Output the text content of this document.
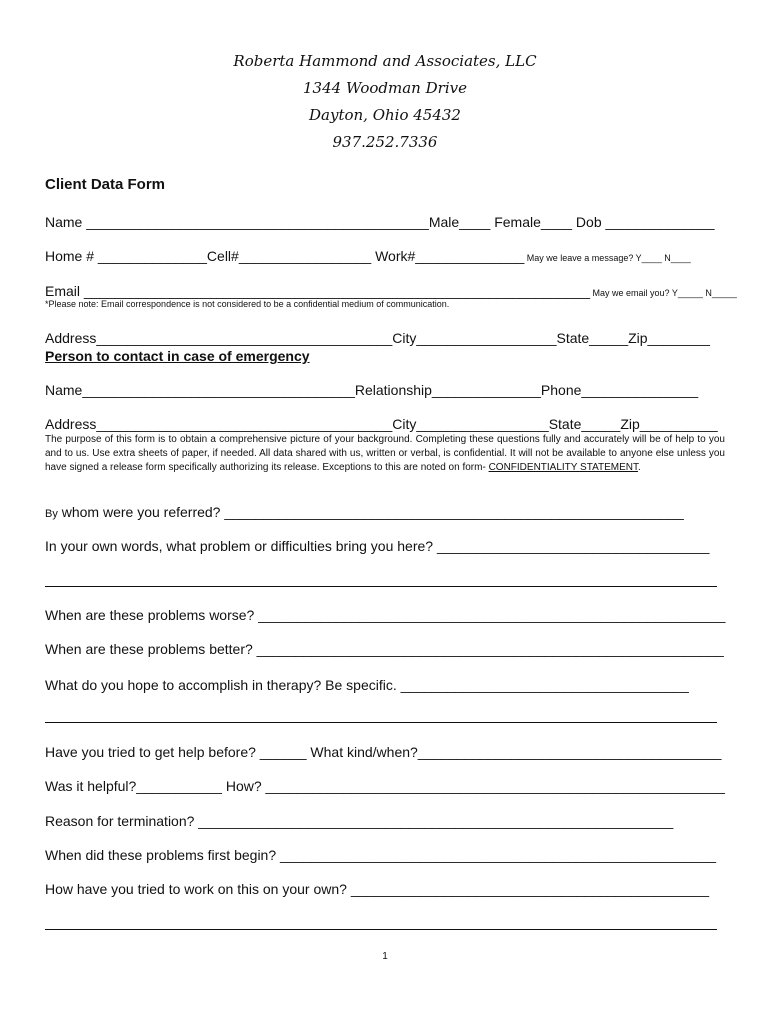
Roberta Hammond and Associates, LLC
1344 Woodman Drive
Dayton, Ohio 45432
937.252.7336
Client Data Form
Name ____________________________________________Male____ Female____ Dob ______________
Home # ______________Cell#_________________ Work#______________ May we leave a message? Y____ N____
Email _________________________________________________________________ May we email you? Y_____ N_____
*Please note: Email correspondence is not considered to be a confidential medium of communication.
Address______________________________________City__________________State_____Zip________
Person to contact in case of emergency
Name___________________________________Relationship______________Phone_______________
Address______________________________________City_________________State_____Zip__________
The purpose of this form is to obtain a comprehensive picture of your background. Completing these questions fully and accurately will be of help to you and to us. Use extra sheets of paper, if needed. All data shared with us, written or verbal, is confidential. It will not be available to anyone else unless you have signed a release form specifically authorizing its release. Exceptions to this are noted on form- CONFIDENTIALITY STATEMENT.
By whom were you referred? ___________________________________________________________
In your own words, what problem or difficulties bring you here? ___________________________________
When are these problems worse? ____________________________________________________________
When are these problems better? ____________________________________________________________
What do you hope to accomplish in therapy? Be specific. _____________________________________
Have you tried to get help before? ______ What kind/when?_______________________________________
Was it helpful?___________ How? ___________________________________________________________
Reason for termination? _____________________________________________________________
When did these problems first begin? ________________________________________________________
How have you tried to work on this on your own? ______________________________________________
1
